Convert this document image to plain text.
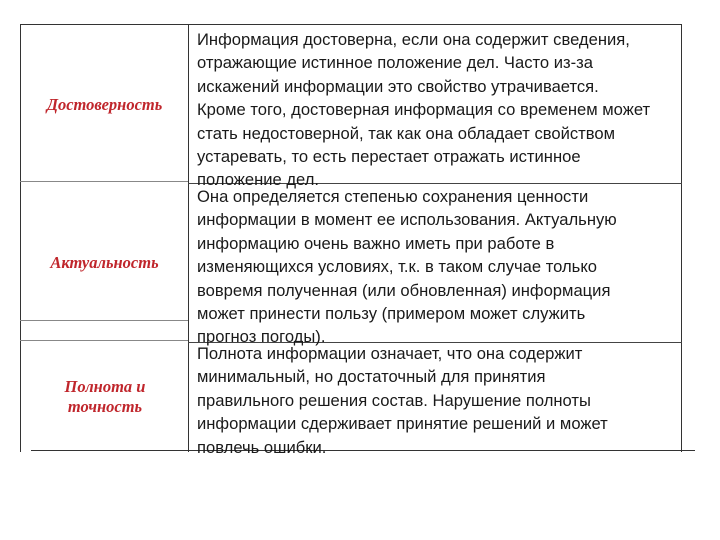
Достоверность
Информация достоверна, если она содержит сведения,
отражающие истинное положение дел. Часто из-за
искажений информации это свойство утрачивается.
Кроме того, достоверная информация со временем может
стать недостоверной, так как она обладает свойством
устаревать, то есть перестает отражать истинное
положение дел.
Актуальность
Она определяется степенью сохранения ценности
информации в момент ее использования. Актуальную
информацию очень важно иметь при работе в
изменяющихся условиях, т.к. в таком случае только
вовремя полученная (или обновленная) информация
может принести пользу (примером может служить
прогноз погоды).
Полнота и
точность
Полнота информации означает, что она содержит
минимальный, но достаточный для принятия
правильного решения состав. Нарушение полноты
информации сдерживает принятие решений и может
повлечь ошибки.
